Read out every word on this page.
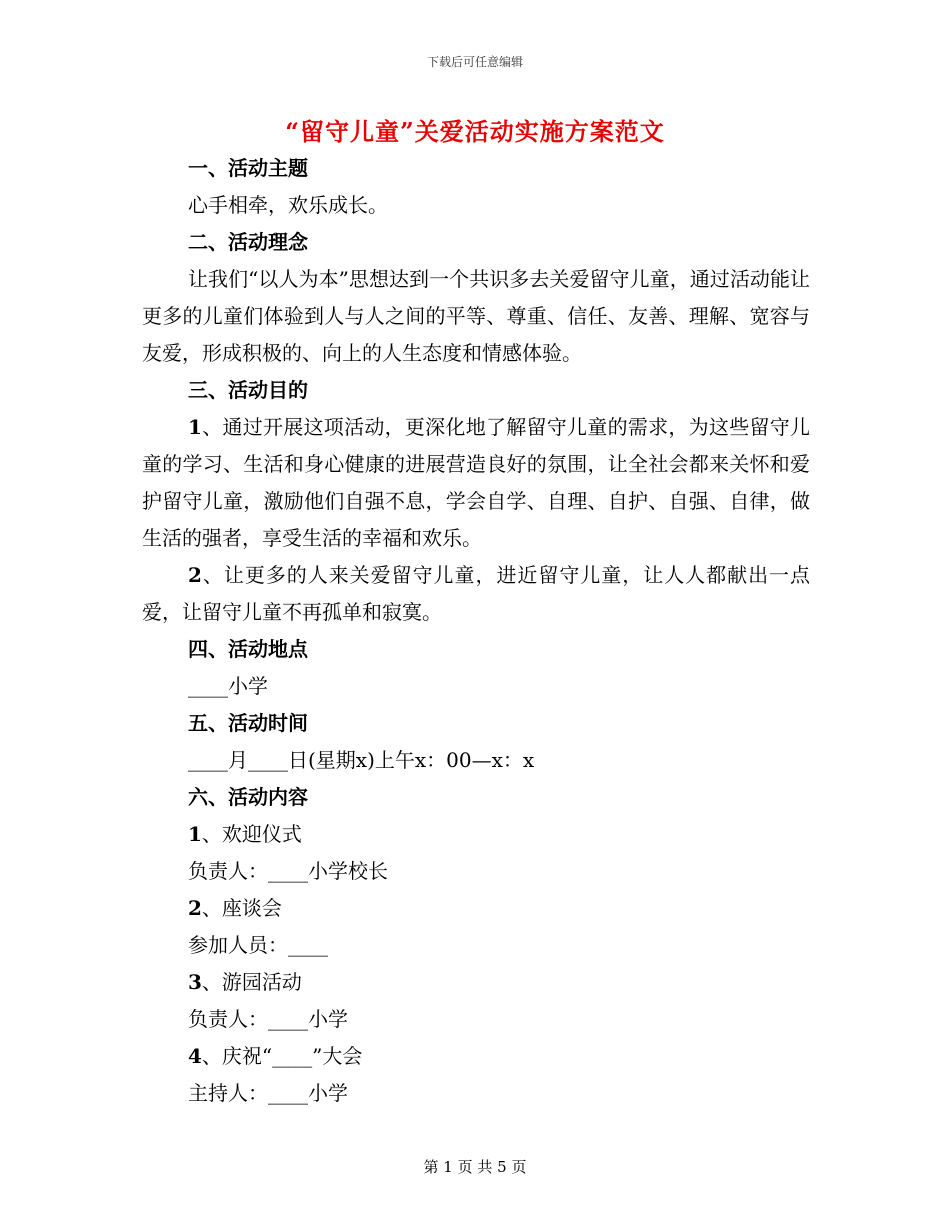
下载后可任意编辑
“留守儿童”关爱活动实施方案范文
一、活动主题
心手相牵，欢乐成长。
二、活动理念
让我们“以人为本”思想达到一个共识多去关爱留守儿童，通过活动能让更多的儿童们体验到人与人之间的平等、尊重、信任、友善、理解、宽容与友爱，形成积极的、向上的人生态度和情感体验。
三、活动目的
1、通过开展这项活动，更深化地了解留守儿童的需求，为这些留守儿童的学习、生活和身心健康的进展营造良好的氛围，让全社会都来关怀和爱护留守儿童，激励他们自强不息，学会自学、自理、自护、自强、自律，做生活的强者，享受生活的幸福和欢乐。
2、让更多的人来关爱留守儿童，进近留守儿童，让人人都献出一点爱，让留守儿童不再孤单和寂寞。
四、活动地点
____小学
五、活动时间
____月____日(星期x)上午x：00—x：x
六、活动内容
1、欢迎仪式
负责人：____小学校长
2、座谈会
参加人员：____
3、游园活动
负责人：____小学
4、庆祝“____”大会
主持人：____小学
第 1 页 共 5 页
